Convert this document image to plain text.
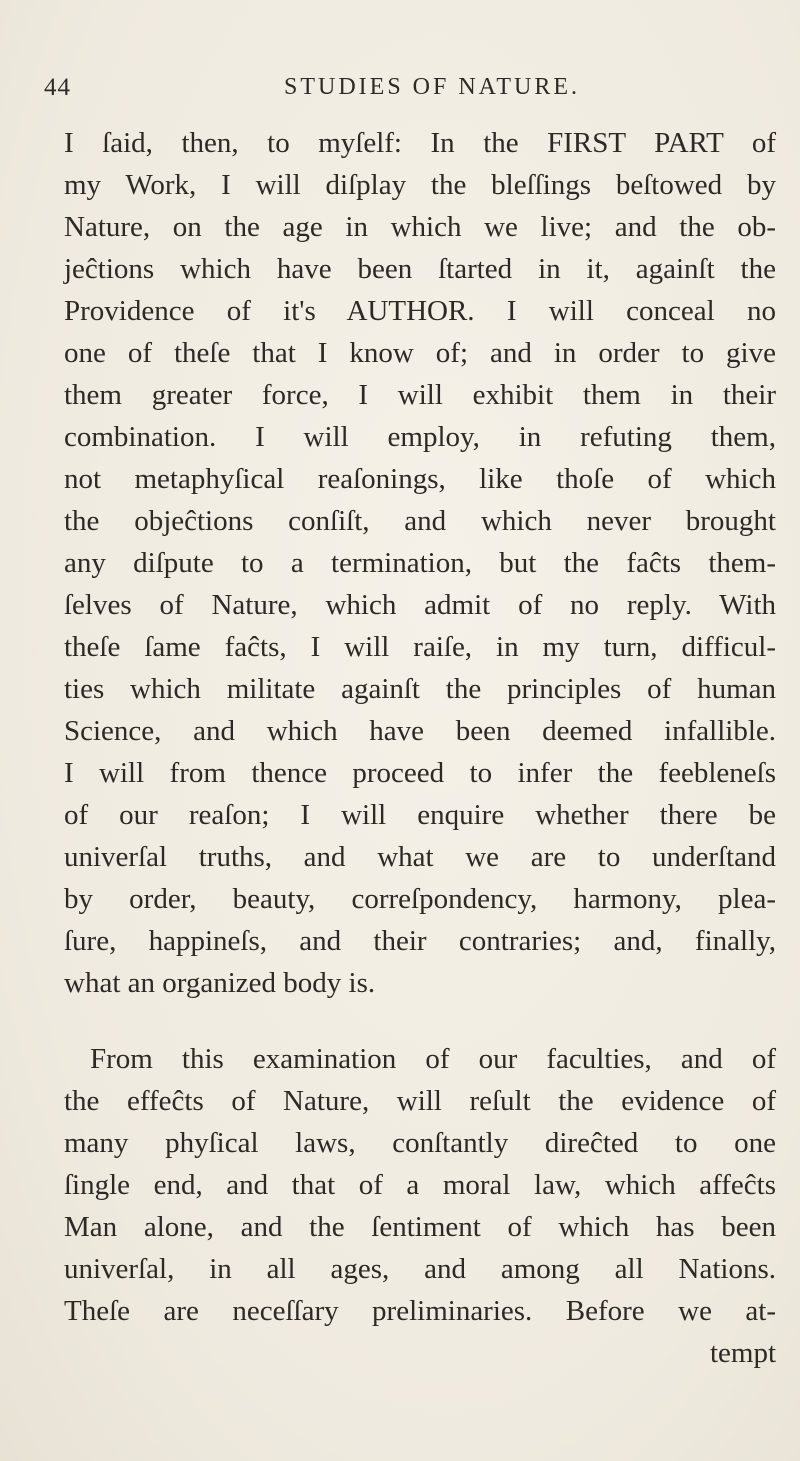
44	STUDIES OF NATURE.
I ſaid, then, to myſelf: In the FIRST PART of
my Work, I will diſplay the bleſſings beſtowed by
Nature, on the age in which we live; and the ob-
jeĉtions which have been ſtarted in it, againſt the
Providence of it's AUTHOR. I will conceal no
one of theſe that I know of; and in order to give
them greater force, I will exhibit them in their
combination. I will employ, in refuting them,
not metaphyſical reaſonings, like thoſe of which
the objeĉtions conſiſt, and which never brought
any diſpute to a termination, but the faĉts them-
ſelves of Nature, which admit of no reply. With
theſe ſame faĉts, I will raiſe, in my turn, difficul-
ties which militate againſt the principles of human
Science, and which have been deemed infallible.
I will from thence proceed to infer the feebleneſs
of our reaſon; I will enquire whether there be
univerſal truths, and what we are to underſtand
by order, beauty, correſpondency, harmony, plea-
ſure, happineſs, and their contraries; and, finally,
what an organized body is.
From this examination of our faculties, and of
the effeĉts of Nature, will reſult the evidence of
many phyſical laws, conſtantly direĉted to one
ſingle end, and that of a moral law, which affeĉts
Man alone, and the ſentiment of which has been
univerſal, in all ages, and among all Nations.
Theſe are neceſſary preliminaries. Before we at-
tempt
